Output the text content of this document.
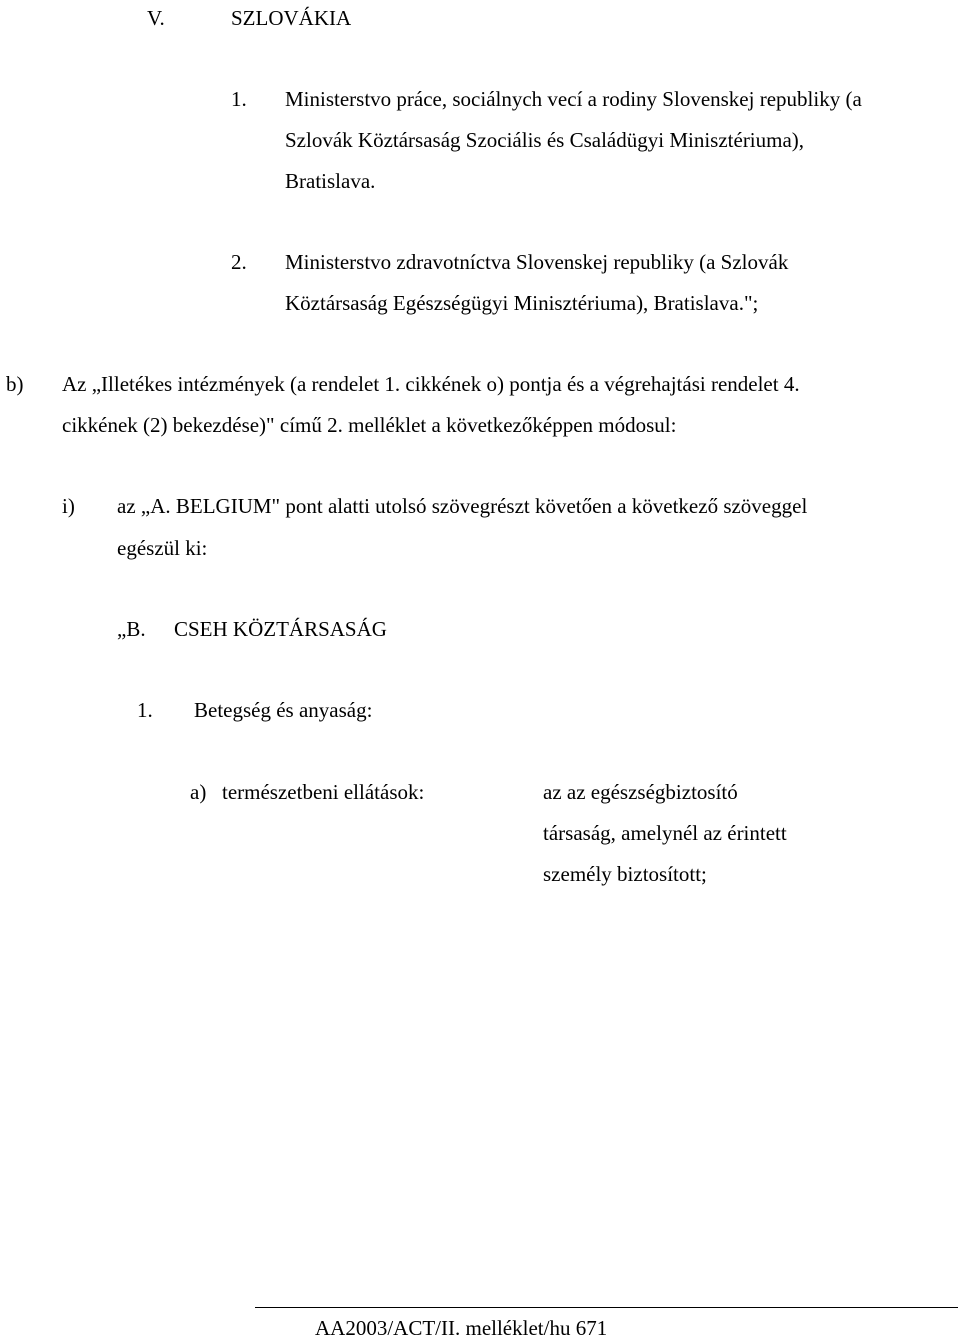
V.	SZLOVÁKIA
1. Ministerstvo práce, sociálnych vecí a rodiny Slovenskej republiky (a
Szlovák Köztársaság Szociális és Családügyi Minisztériuma),
Bratislava.
2. Ministerstvo zdravotníctva Slovenskej republiky (a Szlovák
Köztársaság Egészségügyi Minisztériuma), Bratislava.";
b) Az „Illetékes intézmények (a rendelet 1. cikkének o) pontja és a végrehajtási rendelet 4.
cikkének (2) bekezdése)" című 2. melléklet a következőképpen módosul:
i) az „A. BELGIUM" pont alatti utolsó szövegrészt követően a következő szöveggel
egészül ki:
„B. CSEH KÖZTÁRSASÁG
1. Betegség és anyaság:
a) természetbeni ellátások:	az az egészségbiztosító
társaság, amelynél az érintett
személy biztosított;
AA2003/ACT/II. melléklet/hu 671
